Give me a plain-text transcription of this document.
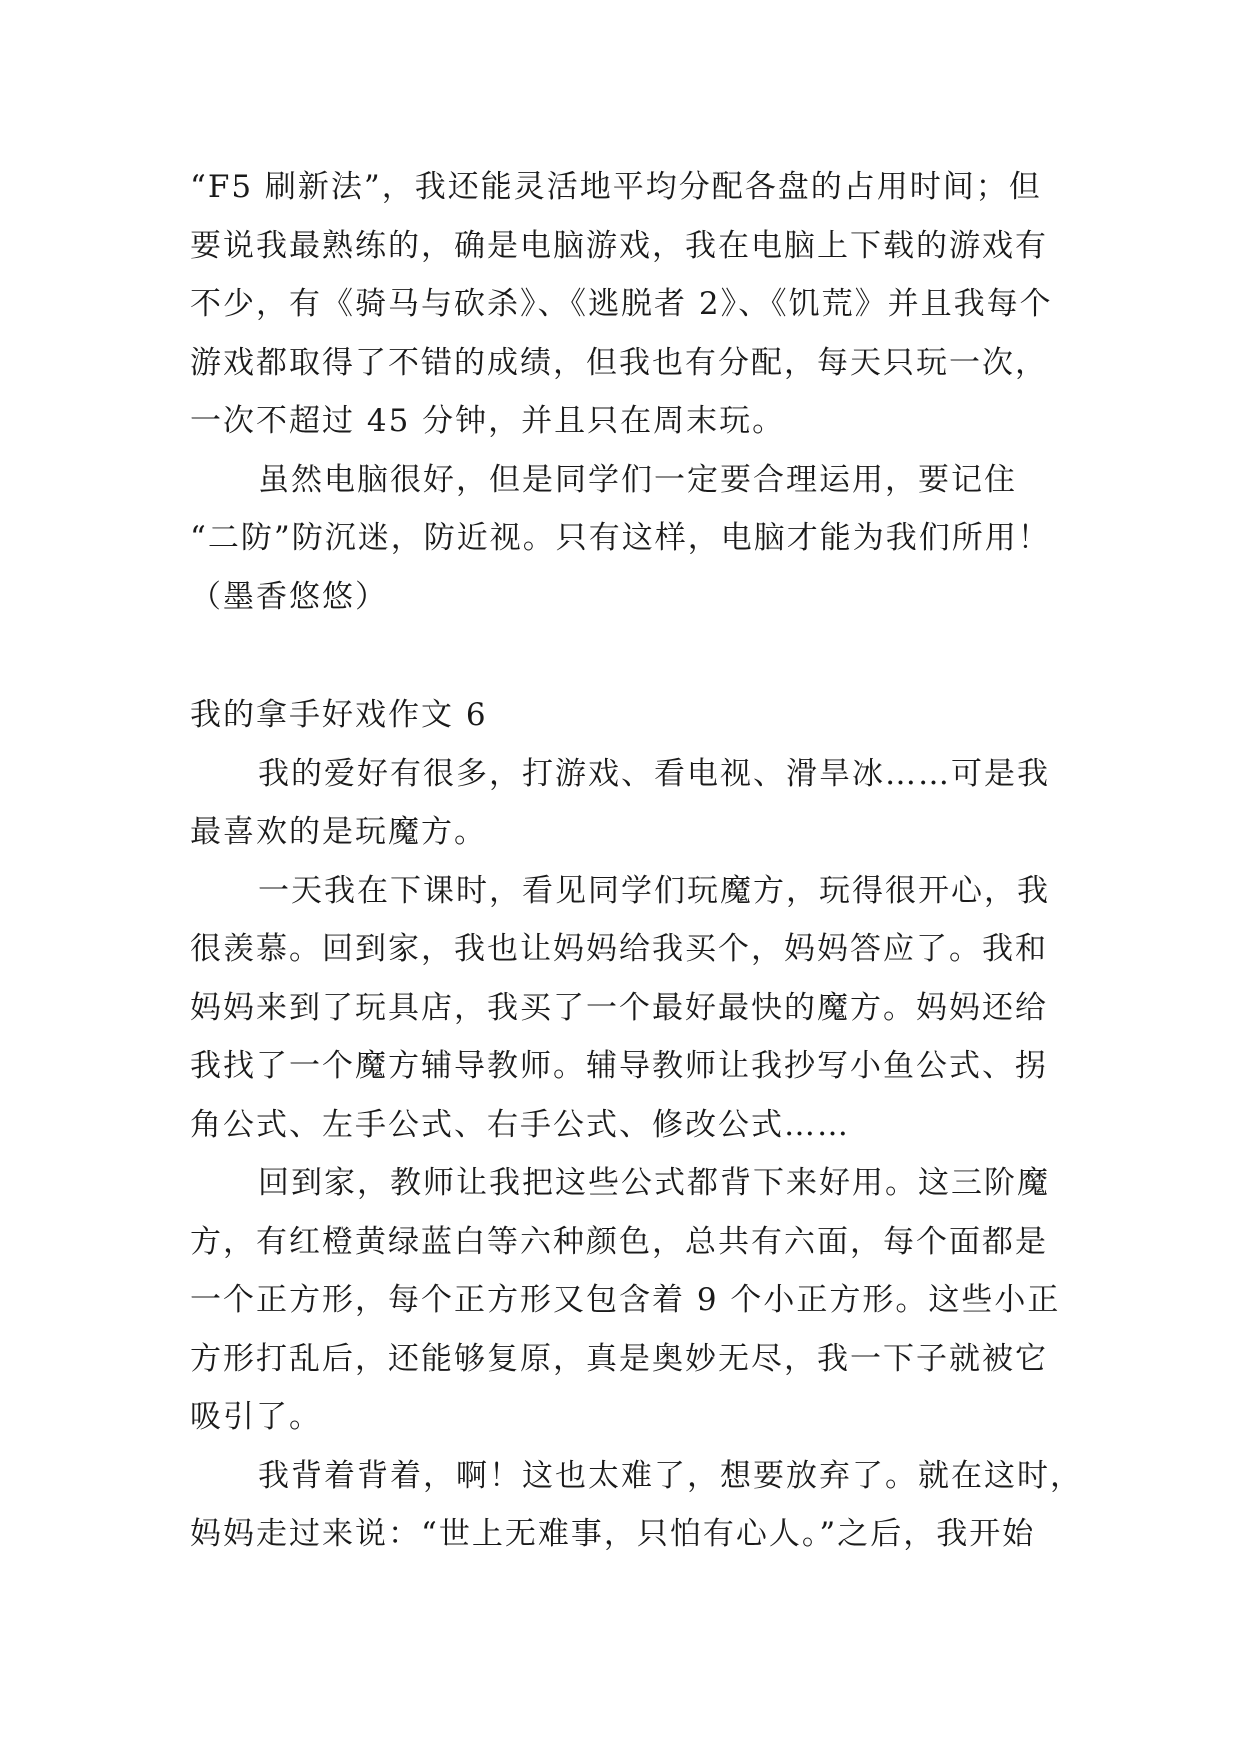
“F5 刷新法”，我还能灵活地平均分配各盘的占用时间；但
要说我最熟练的，确是电脑游戏，我在电脑上下载的游戏有
不少，有《骑马与砍杀》、《逃脱者 2》、《饥荒》并且我每个
游戏都取得了不错的成绩，但我也有分配，每天只玩一次，
一次不超过 45 分钟，并且只在周末玩。
虽然电脑很好，但是同学们一定要合理运用，要记住
“二防”防沉迷，防近视。只有这样，电脑才能为我们所用！
（墨香悠悠）
我的拿手好戏作文 6
我的爱好有很多，打游戏、看电视、滑旱冰……可是我
最喜欢的是玩魔方。
一天我在下课时，看见同学们玩魔方，玩得很开心，我
很羡慕。回到家，我也让妈妈给我买个，妈妈答应了。我和
妈妈来到了玩具店，我买了一个最好最快的魔方。妈妈还给
我找了一个魔方辅导教师。辅导教师让我抄写小鱼公式、拐
角公式、左手公式、右手公式、修改公式……
回到家，教师让我把这些公式都背下来好用。这三阶魔
方，有红橙黄绿蓝白等六种颜色，总共有六面，每个面都是
一个正方形，每个正方形又包含着 9 个小正方形。这些小正
方形打乱后，还能够复原，真是奥妙无尽，我一下子就被它
吸引了。
我背着背着，啊！这也太难了，想要放弃了。就在这时，
妈妈走过来说：“世上无难事，只怕有心人。”之后，我开始
